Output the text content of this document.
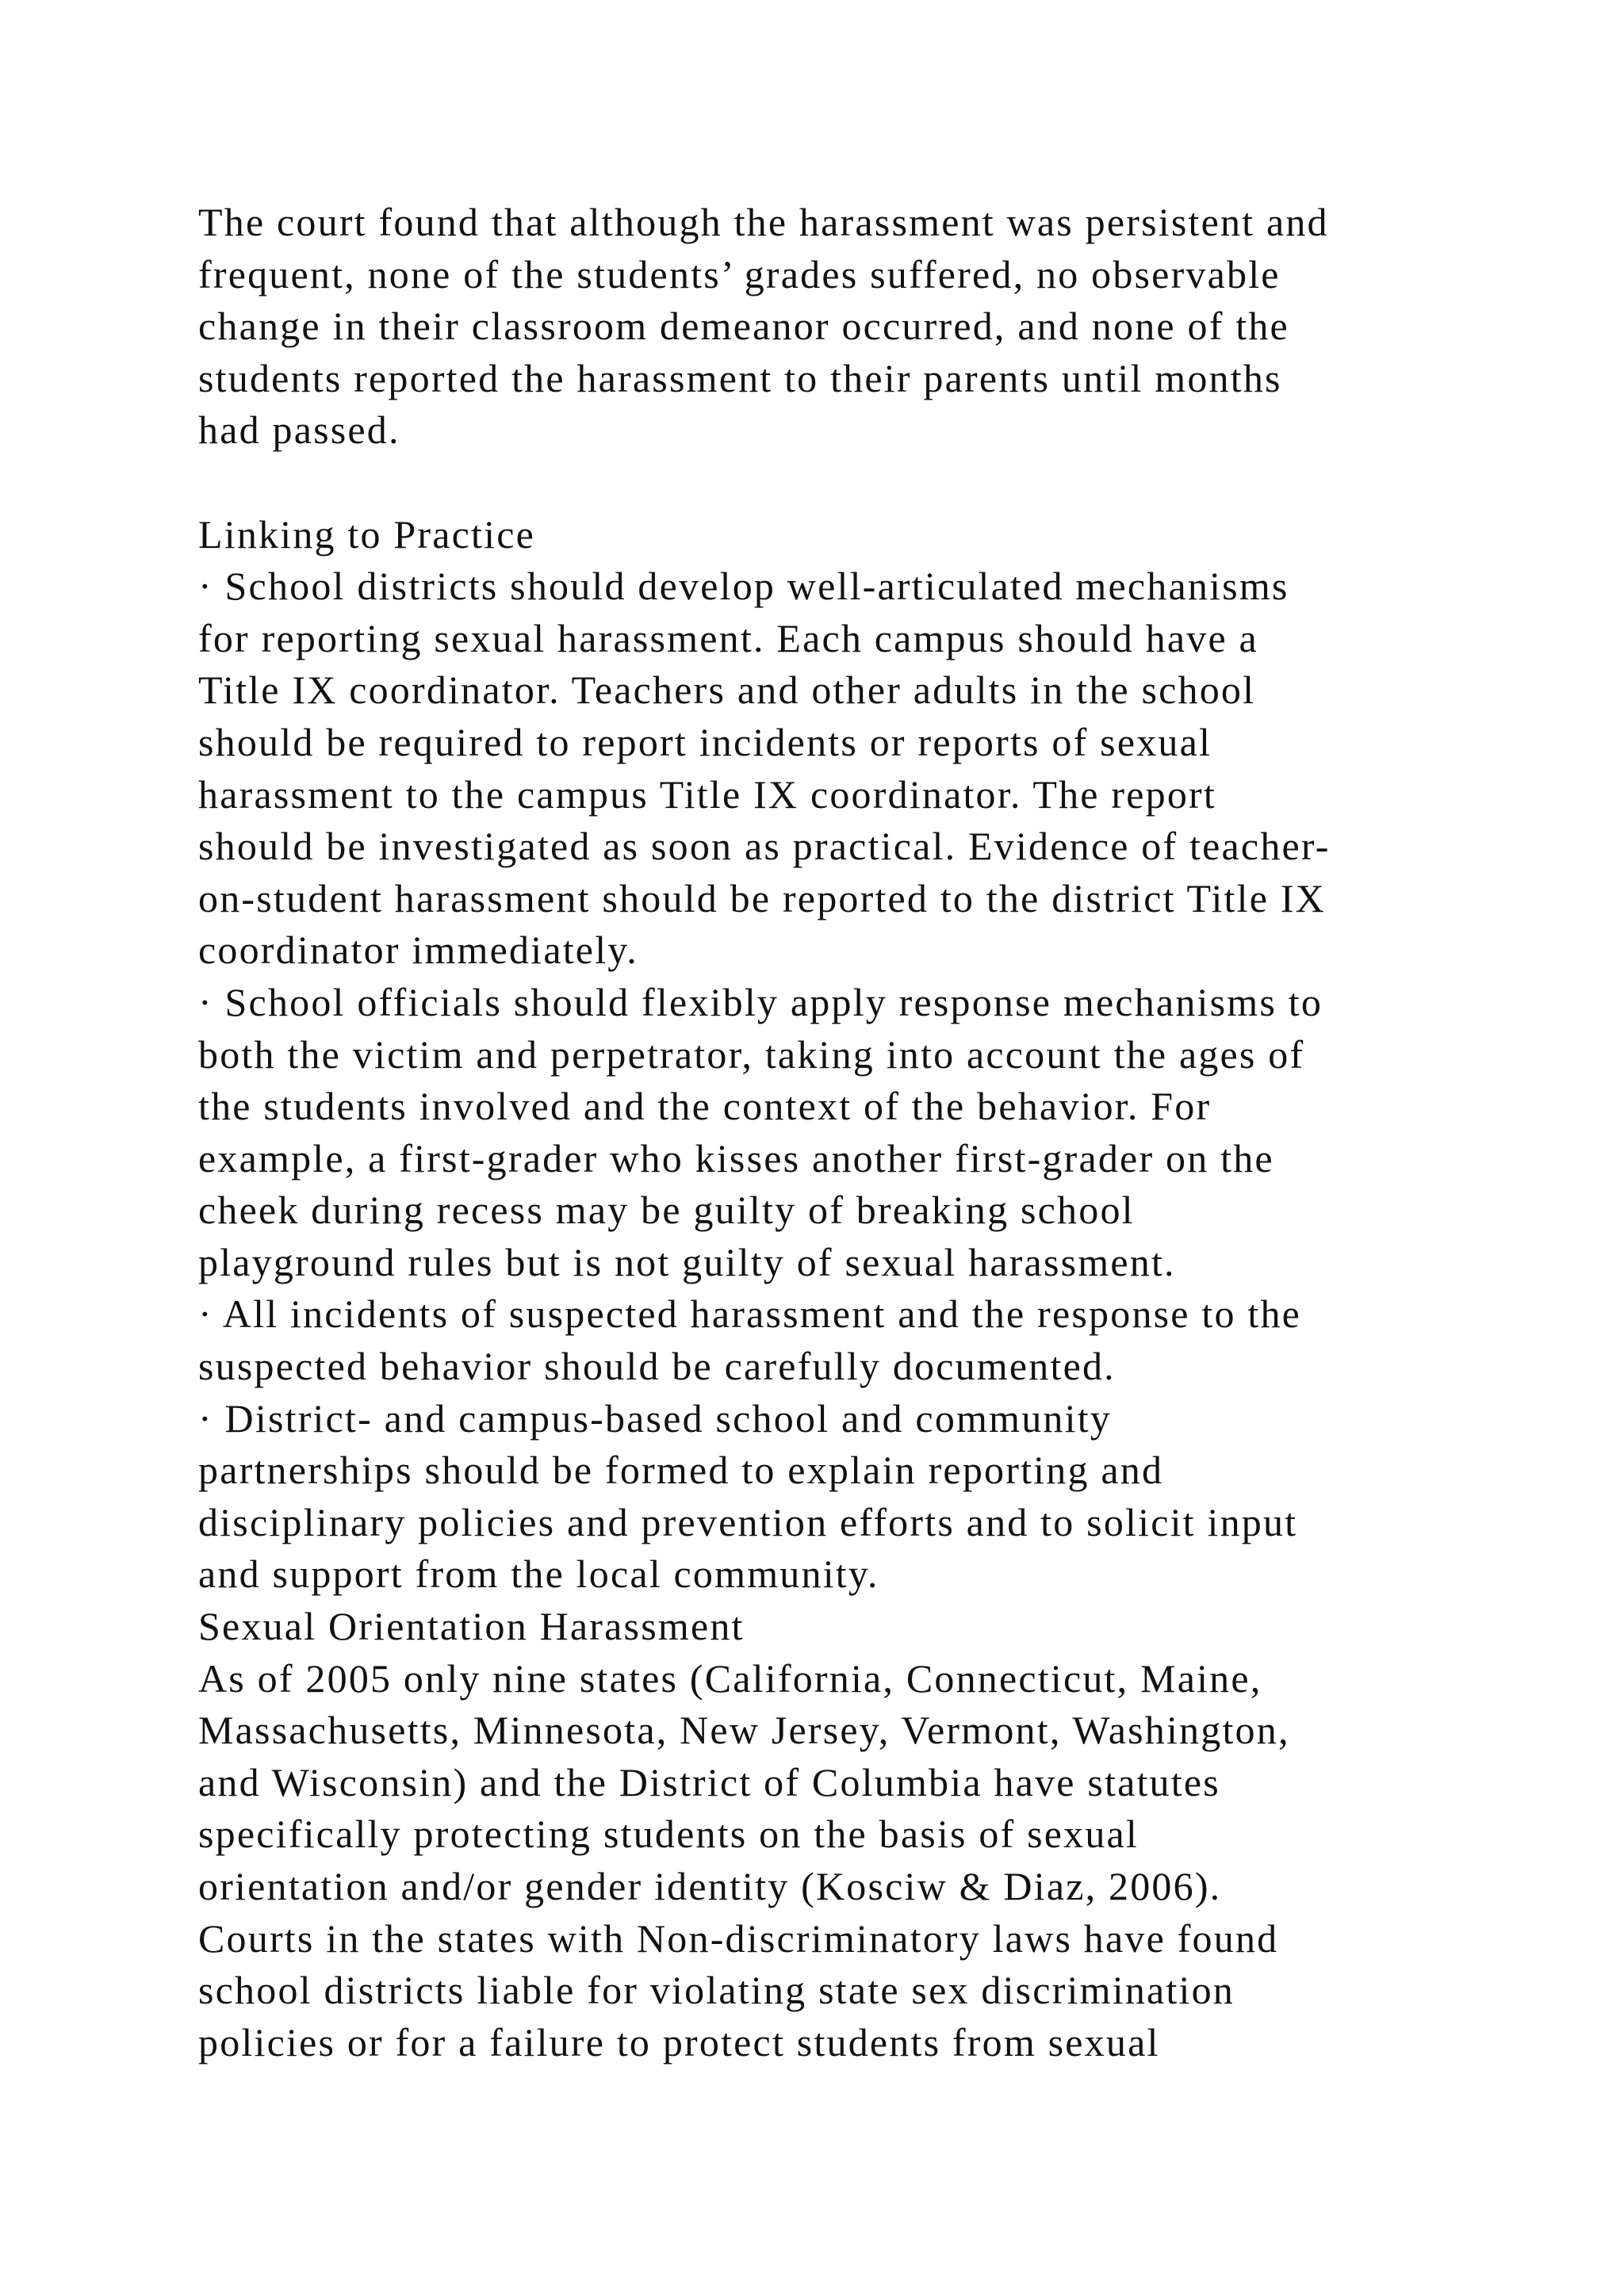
The court found that although the harassment was persistent and
frequent, none of the students’ grades suffered, no observable
change in their classroom demeanor occurred, and none of the
students reported the harassment to their parents until months
had passed.
Linking to Practice
· School districts should develop well-articulated mechanisms
for reporting sexual harassment. Each campus should have a
Title IX coordinator. Teachers and other adults in the school
should be required to report incidents or reports of sexual
harassment to the campus Title IX coordinator. The report
should be investigated as soon as practical. Evidence of teacher-
on-student harassment should be reported to the district Title IX
coordinator immediately.
· School officials should flexibly apply response mechanisms to
both the victim and perpetrator, taking into account the ages of
the students involved and the context of the behavior. For
example, a first-grader who kisses another first-grader on the
cheek during recess may be guilty of breaking school
playground rules but is not guilty of sexual harassment.
· All incidents of suspected harassment and the response to the
suspected behavior should be carefully documented.
· District- and campus-based school and community
partnerships should be formed to explain reporting and
disciplinary policies and prevention efforts and to solicit input
and support from the local community.
Sexual Orientation Harassment
As of 2005 only nine states (California, Connecticut, Maine,
Massachusetts, Minnesota, New Jersey, Vermont, Washington,
and Wisconsin) and the District of Columbia have statutes
specifically protecting students on the basis of sexual
orientation and/or gender identity (Kosciw & Diaz, 2006).
Courts in the states with Non-discriminatory laws have found
school districts liable for violating state sex discrimination
policies or for a failure to protect students from sexual
